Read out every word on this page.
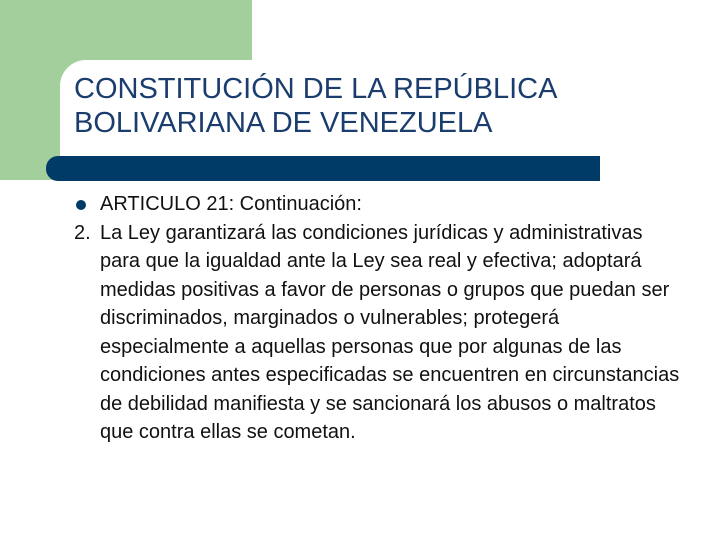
CONSTITUCIÓN DE LA REPÚBLICA
BOLIVARIANA DE VENEZUELA
ARTICULO 21: Continuación:
2. La Ley garantizará las condiciones jurídicas y administrativas para que la igualdad ante la Ley sea real y efectiva; adoptará medidas positivas a favor de personas o grupos que puedan ser discriminados, marginados o vulnerables; protegerá especialmente a aquellas personas que por algunas de las condiciones antes especificadas se encuentren en circunstancias de debilidad manifiesta y se sancionará los abusos o maltratos que contra ellas se cometan.
